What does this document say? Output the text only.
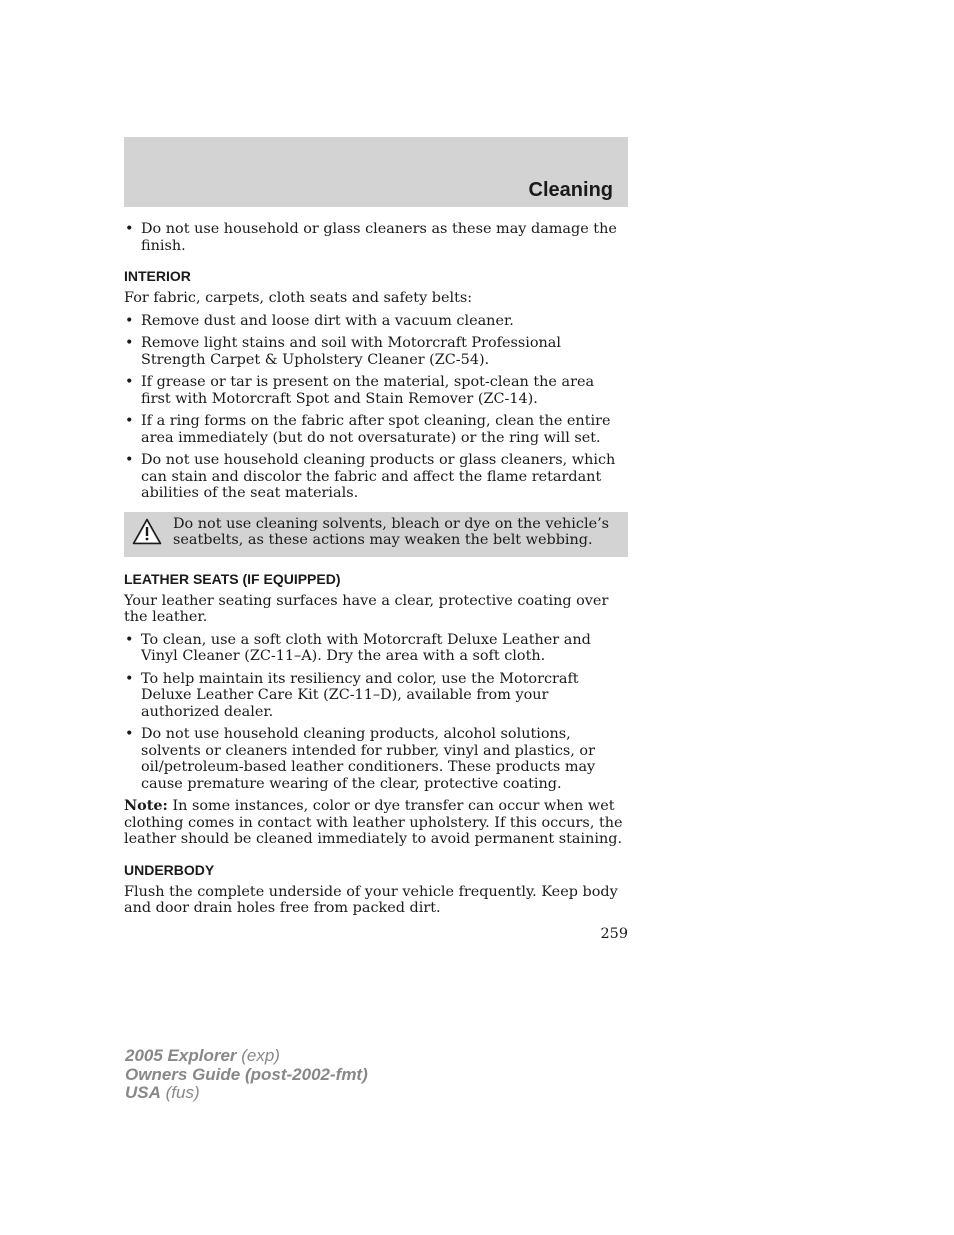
Cleaning
• Do not use household or glass cleaners as these may damage the finish.
INTERIOR

For fabric, carpets, cloth seats and safety belts:

• Remove dust and loose dirt with a vacuum cleaner.
• Remove light stains and soil with Motorcraft Professional Strength Carpet & Upholstery Cleaner (ZC-54).
• If grease or tar is present on the material, spot-clean the area first with Motorcraft Spot and Stain Remover (ZC-14).
• If a ring forms on the fabric after spot cleaning, clean the entire area immediately (but do not oversaturate) or the ring will set.
• Do not use household cleaning products or glass cleaners, which can stain and discolor the fabric and affect the flame retardant abilities of the seat materials.
Do not use cleaning solvents, bleach or dye on the vehicle’s seatbelts, as these actions may weaken the belt webbing.
LEATHER SEATS (IF EQUIPPED)

Your leather seating surfaces have a clear, protective coating over the leather.

• To clean, use a soft cloth with Motorcraft Deluxe Leather and Vinyl Cleaner (ZC-11–A). Dry the area with a soft cloth.
• To help maintain its resiliency and color, use the Motorcraft Deluxe Leather Care Kit (ZC-11–D), available from your authorized dealer.
• Do not use household cleaning products, alcohol solutions, solvents or cleaners intended for rubber, vinyl and plastics, or oil/petroleum-based leather conditioners. These products may cause premature wearing of the clear, protective coating.

Note: In some instances, color or dye transfer can occur when wet clothing comes in contact with leather upholstery. If this occurs, the leather should be cleaned immediately to avoid permanent staining.

UNDERBODY

Flush the complete underside of your vehicle frequently. Keep body and door drain holes free from packed dirt.

259
2005 Explorer (exp)
Owners Guide (post-2002-fmt)
USA (fus)
